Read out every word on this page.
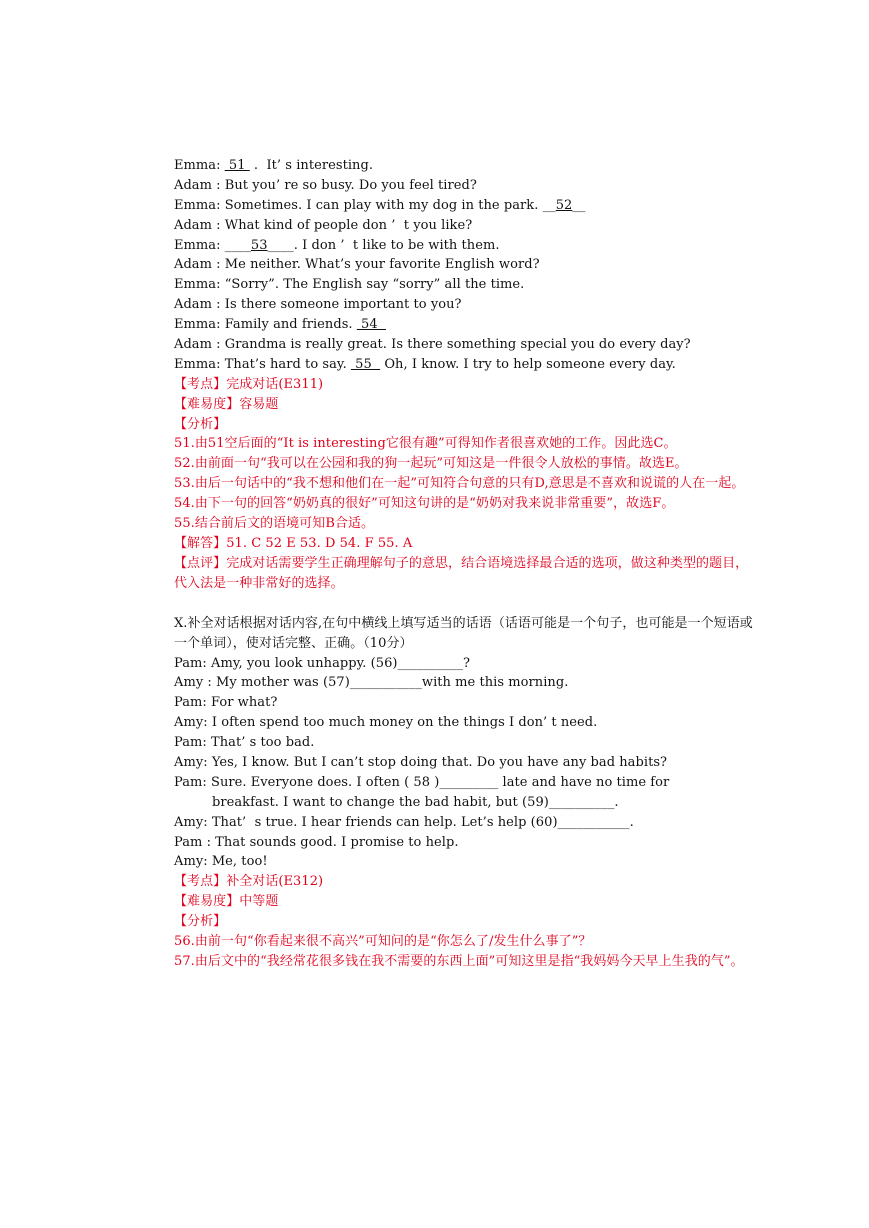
Emma:  51  .  It’ s interesting.
Adam : But you’ re so busy. Do you feel tired?
Emma: Sometimes. I can play with my dog in the park. __52__
Adam : What kind of people don ’  t you like?
Emma: ____53____. I don ’  t like to be with them.
Adam : Me neither. What’s your favorite English word?
Emma: “Sorry”. The English say “sorry” all the time.
Adam : Is there someone important to you?
Emma: Family and friends.  54
Adam : Grandma is really great. Is there something special you do every day?
Emma: That’s hard to say.  55   Oh, I know. I try to help someone every day.
【考点】完成对话(E311)
【难易度】容易题
【分析】
51.由51空后面的“It is interesting它很有趣”可得知作者很喜欢她的工作。因此选C。
52.由前面一句“我可以在公园和我的狗一起玩”可知这是一件很令人放松的事情。故选E。
53.由后一句话中的“我不想和他们在一起”可知符合句意的只有D,意思是不喜欢和说谎的人在一起。
54.由下一句的回答“奶奶真的很好”可知这句讲的是“奶奶对我来说非常重要”，故选F。
55.结合前后文的语境可知B合适。
【解答】51. C 52 E 53. D 54. F 55. A
【点评】完成对话需要学生正确理解句子的意思，结合语境选择最合适的选项，做这种类型的题目，代入法是一种非常好的选择。
X.补全对话根据对话内容,在句中横线上填写适当的话语（话语可能是一个句子，也可能是一个短语或一个单词），使对话完整、正确。（10分）
Pam: Amy, you look unhappy. (56)__________?
Amy : My mother was (57)___________with me this morning.
Pam: For what?
Amy: I often spend too much money on the things I don’ t need.
Pam: That’ s too bad.
Amy: Yes, I know. But I can’t stop doing that. Do you have any bad habits?
Pam: Sure. Everyone does. I often ( 58 )_________ late and have no time for
breakfast. I want to change the bad habit, but (59)__________.
Amy: That’  s true. I hear friends can help. Let’s help (60)___________.
Pam : That sounds good. I promise to help.
Amy: Me, too!
【考点】补全对话(E312)
【难易度】中等题
【分析】
56.由前一句“你看起来很不高兴”可知问的是“你怎么了/发生什么事了”？
57.由后文中的“我经常花很多钱在我不需要的东西上面”可知这里是指“我妈妈今天早上生我的气”。
